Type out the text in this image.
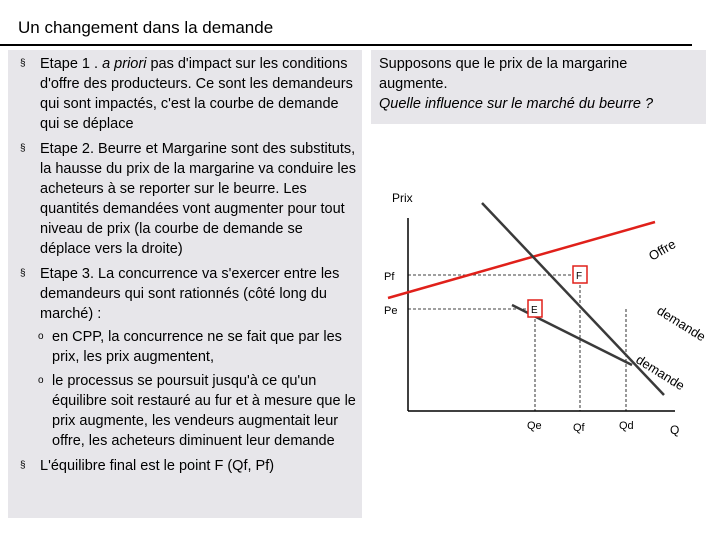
Un changement dans la demande
§ Etape 1 . a priori pas d'impact sur les conditions d'offre des producteurs. Ce sont les demandeurs qui sont impactés, c'est la courbe de demande qui se déplace
§ Etape 2. Beurre et Margarine sont des substituts, la hausse du prix de la margarine va conduire les acheteurs à se reporter sur le beurre. Les quantités demandées vont augmenter pour tout niveau de prix (la courbe de demande se déplace vers la droite)
§ Etape 3. La concurrence va s'exercer entre les demandeurs qui sont rationnés (côté long du marché) :
o en CPP, la concurrence ne se fait que par les prix, les prix augmentent,
o le processus se poursuit jusqu'à ce qu'un équilibre soit restauré au fur et à mesure que le prix augmente, les vendeurs augmentait leur offre, les acheteurs diminuent leur demande
§ L'équilibre final est le point F (Qf, Pf)
Supposons que le prix de la margarine augmente.
Quelle influence sur le marché du beurre ?
Prix
Q
Offre
demande
demande
Pf
Pe
Qe	Qf	Qd
E
F
